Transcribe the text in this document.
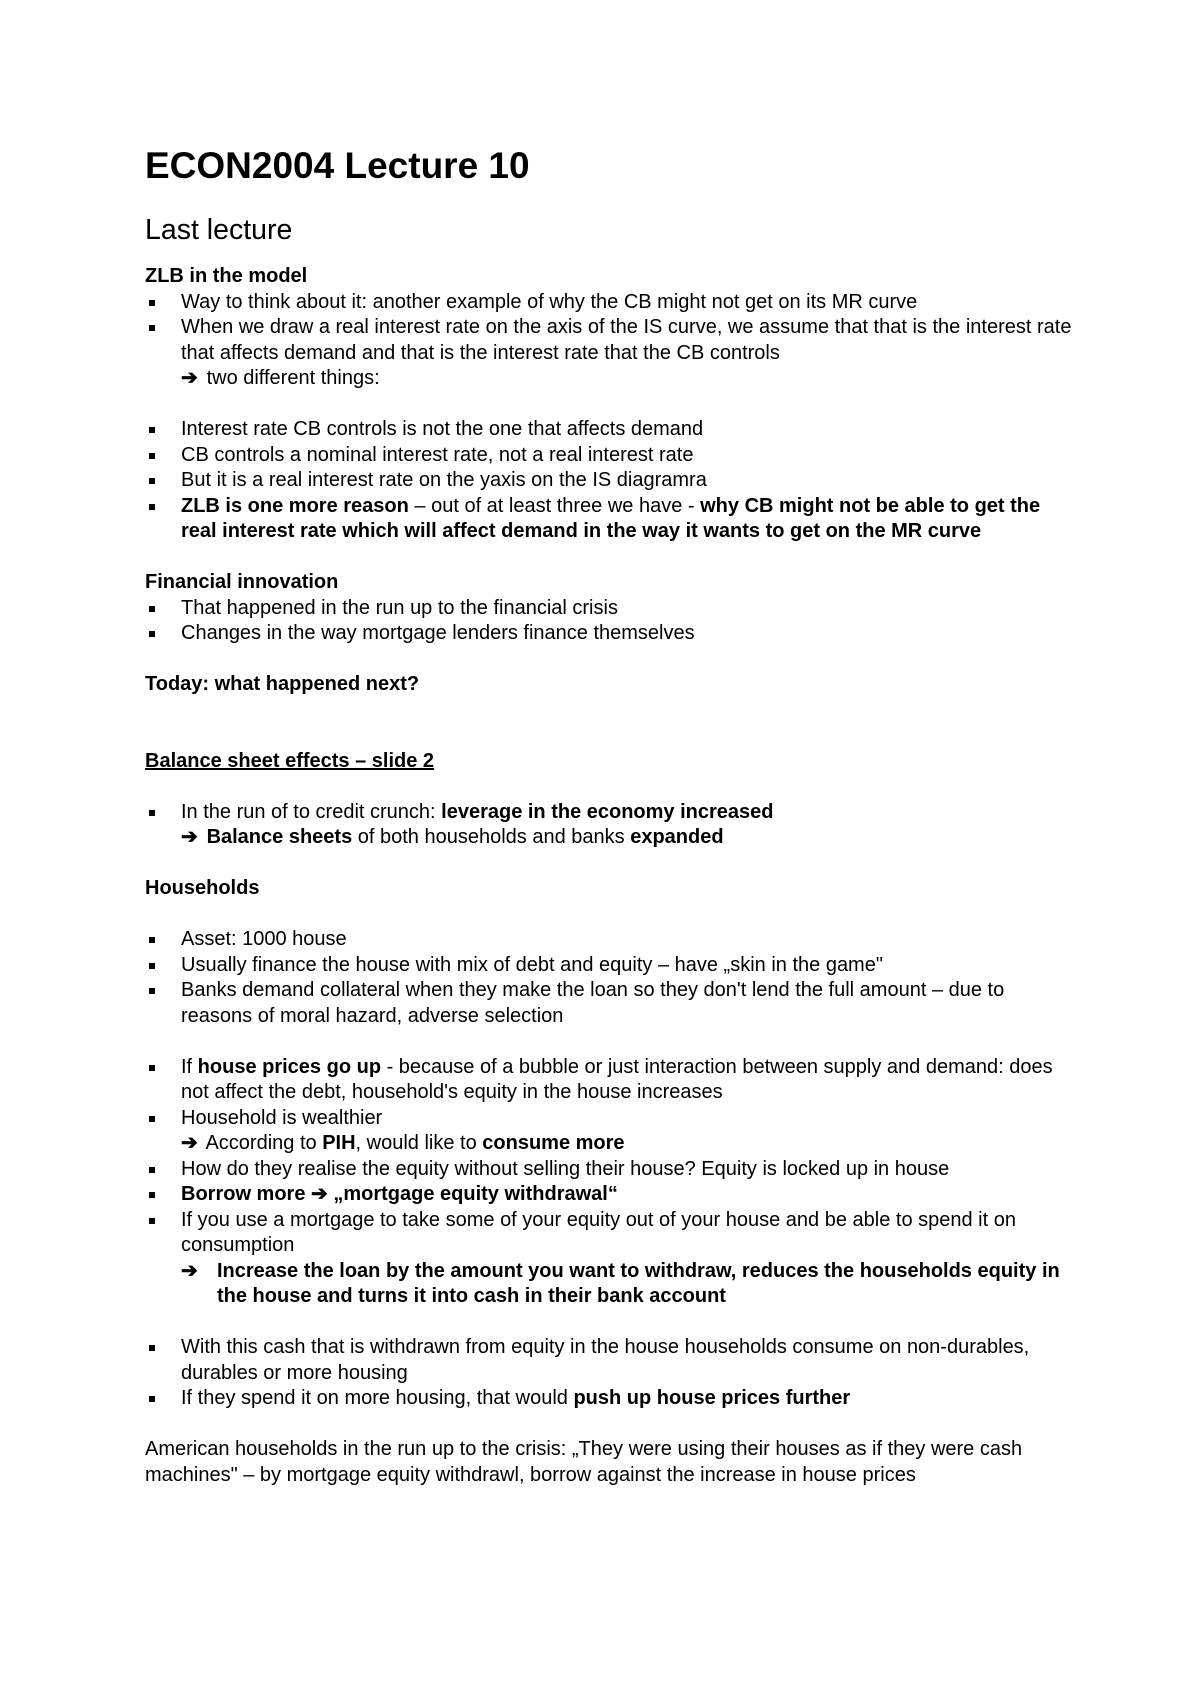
ECON2004 Lecture 10
Last lecture

ZLB in the model

Way to think about it: another example of why the CB might not get on its MR curve
When we draw a real interest rate on the axis of the IS curve, we assume that that is the interest rate that affects demand and that is the interest rate that the CB controls
➔ two different things:
Interest rate CB controls is not the one that affects demand
CB controls a nominal interest rate, not a real interest rate
But it is a real interest rate on the yaxis on the IS diagramra
ZLB is one more reason – out of at least three we have - why CB might not be able to get the real interest rate which will affect demand in the way it wants to get on the MR curve

Financial innovation

That happened in the run up to the financial crisis
Changes in the way mortgage lenders finance themselves

Today: what happened next?

Balance sheet effects – slide 2

In the run of to credit crunch: leverage in the economy increased
➔ Balance sheets of both households and banks expanded

Households

Asset: 1000 house
Usually finance the house with mix of debt and equity – have „skin in the game"
Banks demand collateral when they make the loan so they don't lend the full amount – due to reasons of moral hazard, adverse selection
If house prices go up - because of a bubble or just interaction between supply and demand: does not affect the debt, household's equity in the house increases
Household is wealthier
➔ According to PIH, would like to consume more
How do they realise the equity without selling their house? Equity is locked up in house
Borrow more ➔ „mortgage equity withdrawal“
If you use a mortgage to take some of your equity out of your house and be able to spend it on consumption
➔ Increase the loan by the amount you want to withdraw, reduces the households equity in the house and turns it into cash in their bank account
With this cash that is withdrawn from equity in the house households consume on non-durables, durables or more housing
If they spend it on more housing, that would push up house prices further

American households in the run up to the crisis: „They were using their houses as if they were cash machines" – by mortgage equity withdrawl, borrow against the increase in house prices
